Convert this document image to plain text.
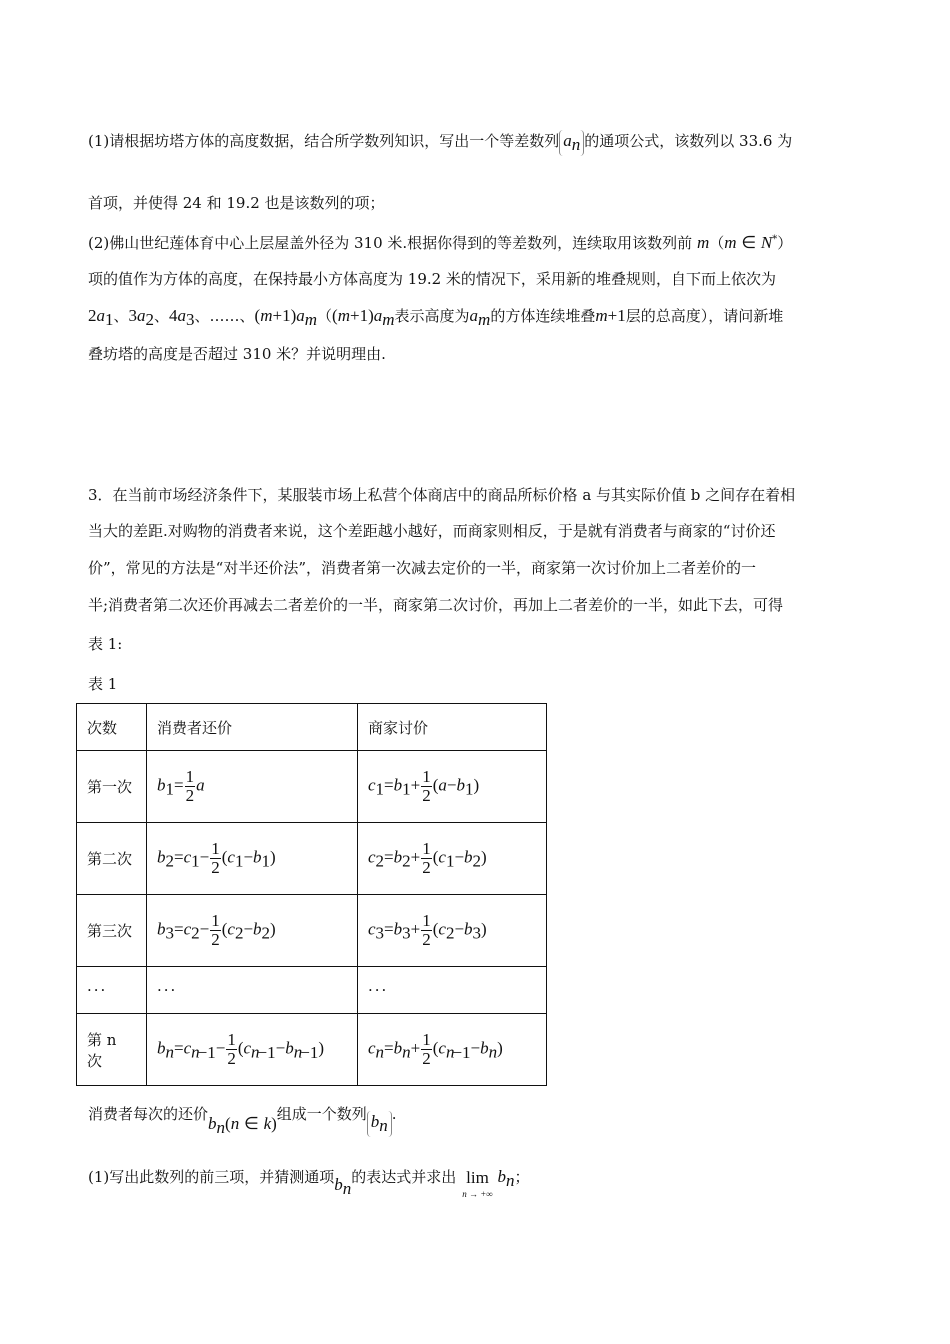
(1)请根据坊塔方体的高度数据，结合所学数列知识，写出一个等差数列 $a_n$ 的通项公式，该数列以 33.6 为
首项，并使得 24 和 19.2 也是该数列的项；
(2)佛山世纪莲体育中心上层屋盖外径为 310 米.根据你得到的等差数列，连续取用该数列前 m（m ∈ N*）
项的值作为方体的高度，在保持最小方体高度为 19.2 米的情况下，采用新的堆叠规则，自下而上依次为
$2a_1$、$3a_2$、$4a_3$、……、$(m+1)a_m((m+1)a_m$表示高度为$a_m$的方体连续堆叠m+1层的总高度），请问新堆
叠坊塔的高度是否超过 310 米？并说明理由.
3．在当前市场经济条件下，某服装市场上私营个体商店中的商品所标价格 a 与其实际价值 b 之间存在着相
当大的差距.对购物的消费者来说，这个差距越小越好，而商家则相反，于是就有消费者与商家的“讨价还
价”，常见的方法是“对半还价法”，消费者第一次减去定价的一半，商家第一次讨价加上二者差价的一
半;消费者第二次还价再减去二者差价的一半，商家第二次讨价，再加上二者差价的一半，如此下去，可得
表 1:
表 1
次数	消费者还价	商家讨价
第一次	$b_1= \frac{1}{2}$ a	$c_1=b_1+ \frac{1}{2} (a-b_1)$
第二次	$b_2=c_1- \frac{1}{2} (c_1-b_1)$	$c_2=b_2+ \frac{1}{2} (c_1-b_2)$
第三次	$b_3=c_2- \frac{1}{2} (c_2-b_2)$	$c_3=b_3+ \frac{1}{2} (c_2-b_3)$
···	···	···
第 n 次	$b_n=c_{n-1}- \frac{1}{2} (c_{n-1}-b_{n-1})$	$c_n=b_n+ \frac{1}{2} (c_{n-1}-b_n)$
消费者每次的还价$b_n(n$ ∈ k)组成一个数列 $b_n$.
(1)写出此数列的前三项，并猜测通项$b_n$的表达式并求出 lim
n → +∞
$b_n$；
